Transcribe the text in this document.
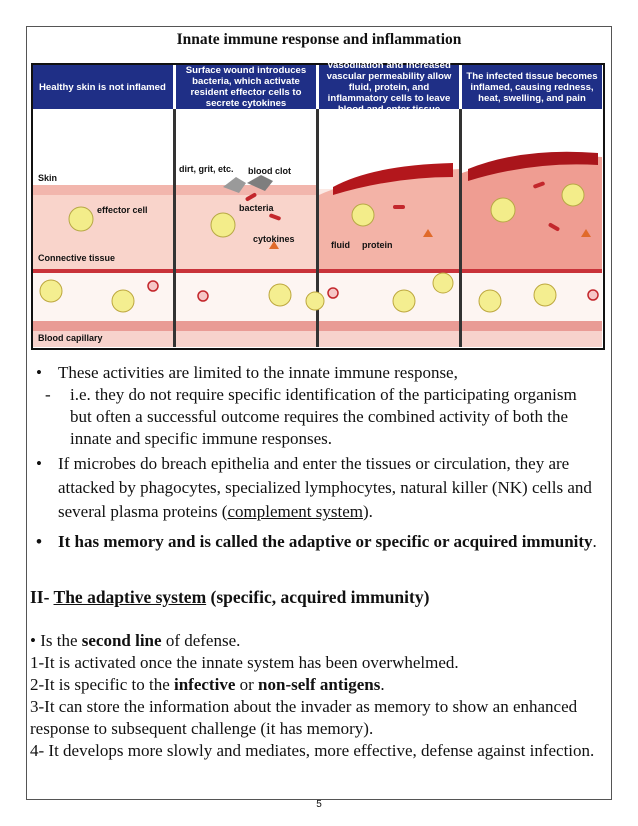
Innate immune response and inflammation
Healthy skin is not inflamed
Surface wound introduces bacteria, which activate resident effector cells to secrete cytokines
Vasodilation and increased vascular permeability allow fluid, protein, and inflammatory cells to leave
The infected tissue becomes inflamed, causing redness, heat, swelling, and pain
Skin
effector cell
Connective tissue
Blood capillary
dirt, grit, etc. blood clot
bacteria
cytokines
fluid protein
• These activities are limited to the innate immune response,
- i.e. they do not require specific identification of the participating organism but often a successful outcome requires the combined activity of both the innate and specific immune responses.
• If microbes do breach epithelia and enter the tissues or circulation, they are attacked by phagocytes, specialized lymphocytes, natural killer (NK) cells and several plasma proteins (complement system).
• It has memory and is called the adaptive or specific or acquired immunity.
II- The adaptive system (specific, acquired immunity)
• Is the second line of defense.
1-It is activated once the innate system has been overwhelmed.
2-It is specific to the infective or non-self antigens.
3-It can store the information about the invader as memory to show an enhanced response to subsequent challenge (it has memory).
4- It develops more slowly and mediates, more effective, defense against infection.
5
